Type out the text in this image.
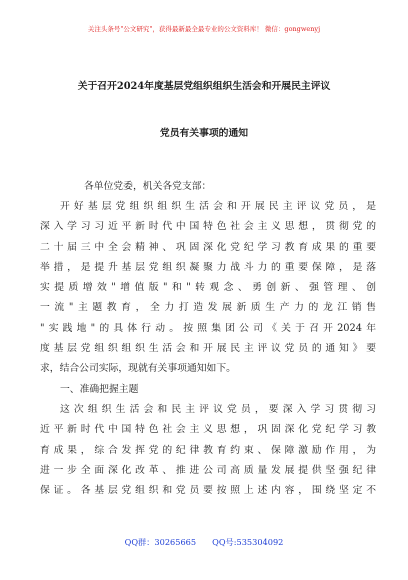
关注头条号"公文研究"，获得最新最全最专业的公文资料库！ 微信：gongwenyj
关于召开2024年度基层党组织组织生活会和开展民主评议
党员有关事项的通知
各单位党委，机关各党支部：
开好基层党组织组织生活会和开展民主评议党员，是
深入学习习近平新时代中国特色社会主义思想，贯彻党的
二十届三中全会精神、巩固深化党纪学习教育成果的重要
举措，是提升基层党组织凝聚力战斗力的重要保障，是落
实提质增效"增值版"和"转观念、勇创新、强管理、创
一流"主题教育，全力打造发展新质生产力的龙江销售
"实践地"的具体行动。按照集团公司《关于召开2024年
度基层党组织组织生活会和开展民主评议党员的通知》要
求，结合公司实际，现就有关事项通知如下。
一、准确把握主题
这次组织生活会和民主评议党员，要深入学习贯彻习
近平新时代中国特色社会主义思想，巩固深化党纪学习教
育成果，综合发挥党的纪律教育约束、保障激励作用，为
进一步全面深化改革、推进公司高质量发展提供坚强纪律
保证。各基层党组织和党员要按照上述内容，围绕坚定不
QQ群：30265665 QQ号:535304092
